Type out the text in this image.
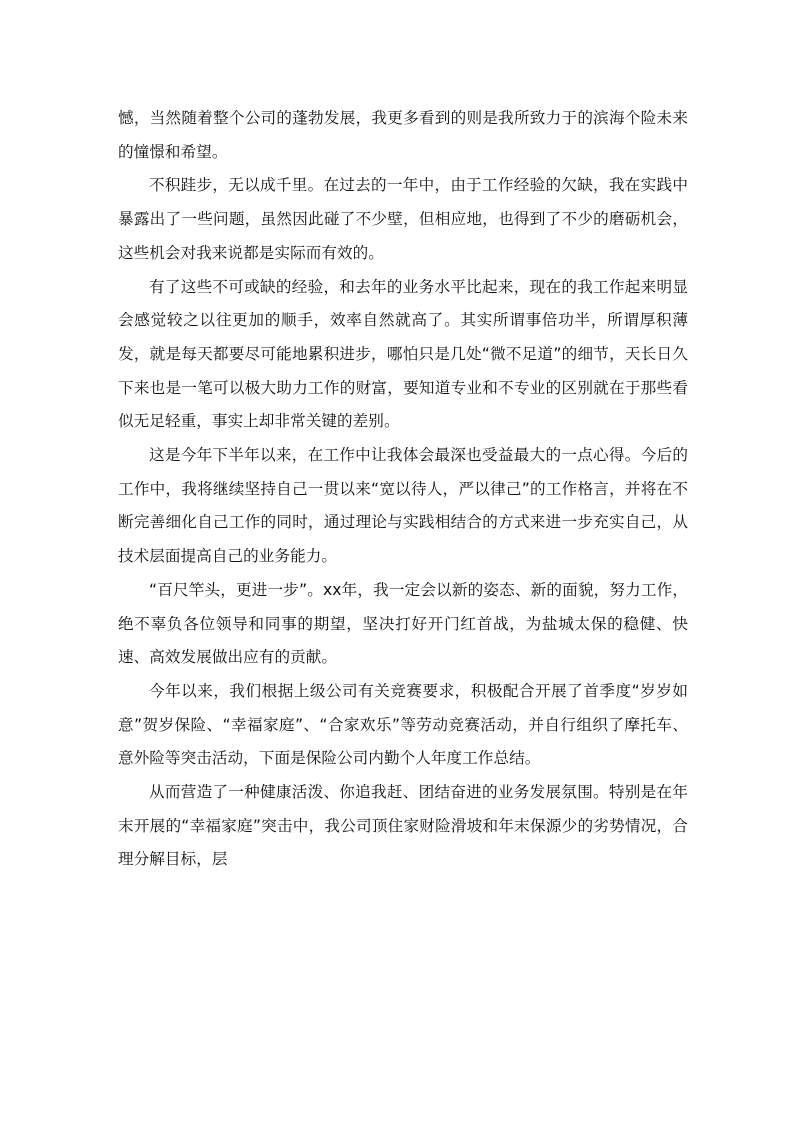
憾，当然随着整个公司的蓬勃发展，我更多看到的则是我所致力于的滨海个险未来的憧憬和希望。

不积跬步，无以成千里。在过去的一年中，由于工作经验的欠缺，我在实践中暴露出了一些问题，虽然因此碰了不少壁，但相应地，也得到了不少的磨砺机会，这些机会对我来说都是实际而有效的。

有了这些不可或缺的经验，和去年的业务水平比起来，现在的我工作起来明显会感觉较之以往更加的顺手，效率自然就高了。其实所谓事倍功半，所谓厚积薄发，就是每天都要尽可能地累积进步，哪怕只是几处“微不足道”的细节，天长日久下来也是一笔可以极大助力工作的财富，要知道专业和不专业的区别就在于那些看似无足轻重，事实上却非常关键的差别。

这是今年下半年以来，在工作中让我体会最深也受益最大的一点心得。今后的工作中，我将继续坚持自己一贯以来“宽以待人，严以律己”的工作格言，并将在不断完善细化自己工作的同时，通过理论与实践相结合的方式来进一步充实自己，从技术层面提高自己的业务能力。

“百尺竿头，更进一步”。xx年，我一定会以新的姿态、新的面貌，努力工作，绝不辜负各位领导和同事的期望，坚决打好开门红首战，为盐城太保的稳健、快速、高效发展做出应有的贡献。

今年以来，我们根据上级公司有关竞赛要求，积极配合开展了首季度“岁岁如意”贺岁保险、“幸福家庭”、“合家欢乐”等劳动竞赛活动，并自行组织了摩托车、意外险等突击活动，下面是保险公司内勤个人年度工作总结。

从而营造了一种健康活泼、你追我赶、团结奋进的业务发展氛围。特别是在年末开展的“幸福家庭”突击中，我公司顶住家财险滑坡和年末保源少的劣势情况，合理分解目标，层
